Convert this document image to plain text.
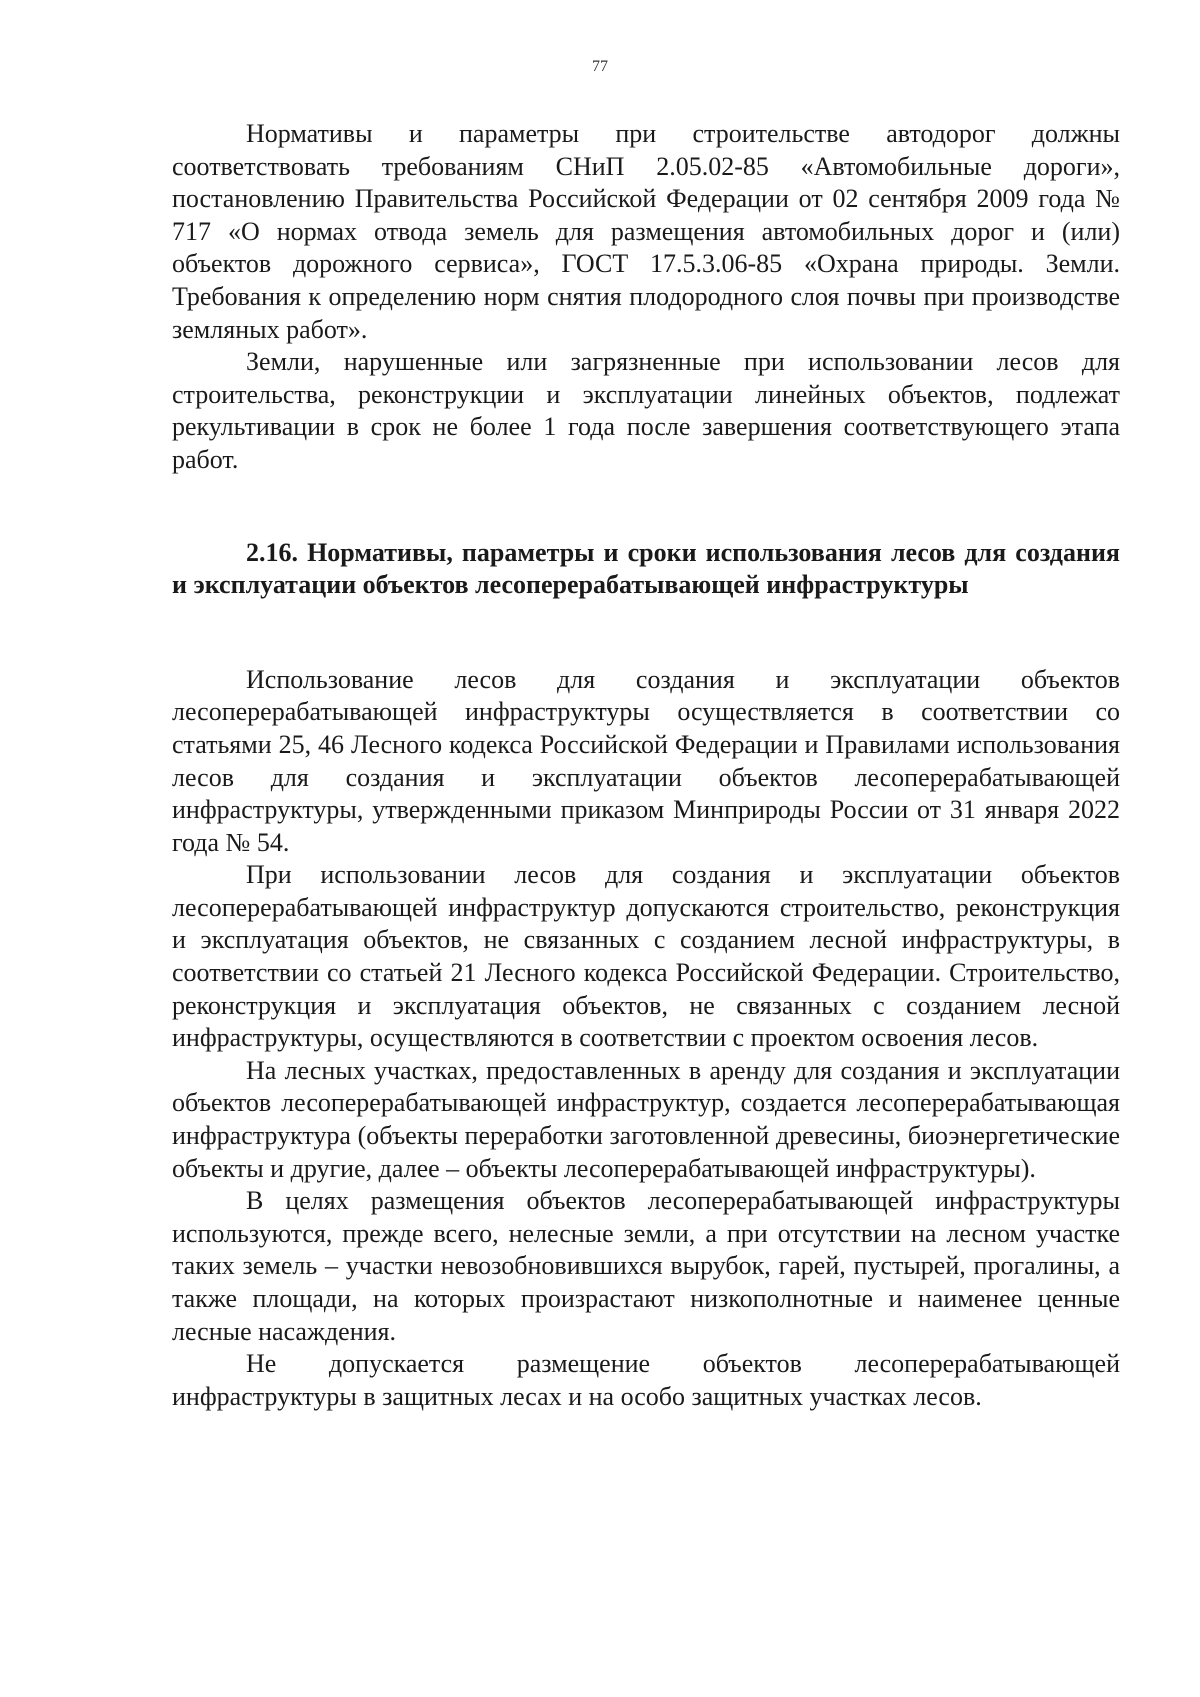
77

Нормативы и параметры при строительстве автодорог должны соответствовать требованиям СНиП 2.05.02-85 «Автомобильные дороги», постановлению Правительства Российской Федерации от 02 сентября 2009 года № 717 «О нормах отвода земель для размещения автомобильных дорог и (или) объектов дорожного сервиса», ГОСТ 17.5.3.06-85 «Охрана природы. Земли. Требования к определению норм снятия плодородного слоя почвы при производстве земляных работ».

Земли, нарушенные или загрязненные при использовании лесов для строительства, реконструкции и эксплуатации линейных объектов, подлежат рекультивации в срок не более 1 года после завершения соответствующего этапа работ.

2.16. Нормативы, параметры и сроки использования лесов для создания и эксплуатации объектов лесоперерабатывающей инфраструктуры

Использование лесов для создания и эксплуатации объектов лесоперерабатывающей инфраструктуры осуществляется в соответствии со статьями 25, 46 Лесного кодекса Российской Федерации и Правилами использования лесов для создания и эксплуатации объектов лесоперерабатывающей инфраструктуры, утвержденными приказом Минприроды России от 31 января 2022 года № 54.

При использовании лесов для создания и эксплуатации объектов лесоперерабатывающей инфраструктур допускаются строительство, реконструкция и эксплуатация объектов, не связанных с созданием лесной инфраструктуры, в соответствии со статьей 21 Лесного кодекса Российской Федерации. Строительство, реконструкция и эксплуатация объектов, не связанных с созданием лесной инфраструктуры, осуществляются в соответствии с проектом освоения лесов.

На лесных участках, предоставленных в аренду для создания и эксплуатации объектов лесоперерабатывающей инфраструктур, создается лесоперерабатывающая инфраструктура (объекты переработки заготовленной древесины, биоэнергетические объекты и другие, далее – объекты лесоперерабатывающей инфраструктуры).

В целях размещения объектов лесоперерабатывающей инфраструктуры используются, прежде всего, нелесные земли, а при отсутствии на лесном участке таких земель – участки невозобновившихся вырубок, гарей, пустырей, прогалины, а также площади, на которых произрастают низкополнотные и наименее ценные лесные насаждения.

Не допускается размещение объектов лесоперерабатывающей инфраструктуры в защитных лесах и на особо защитных участках лесов.
